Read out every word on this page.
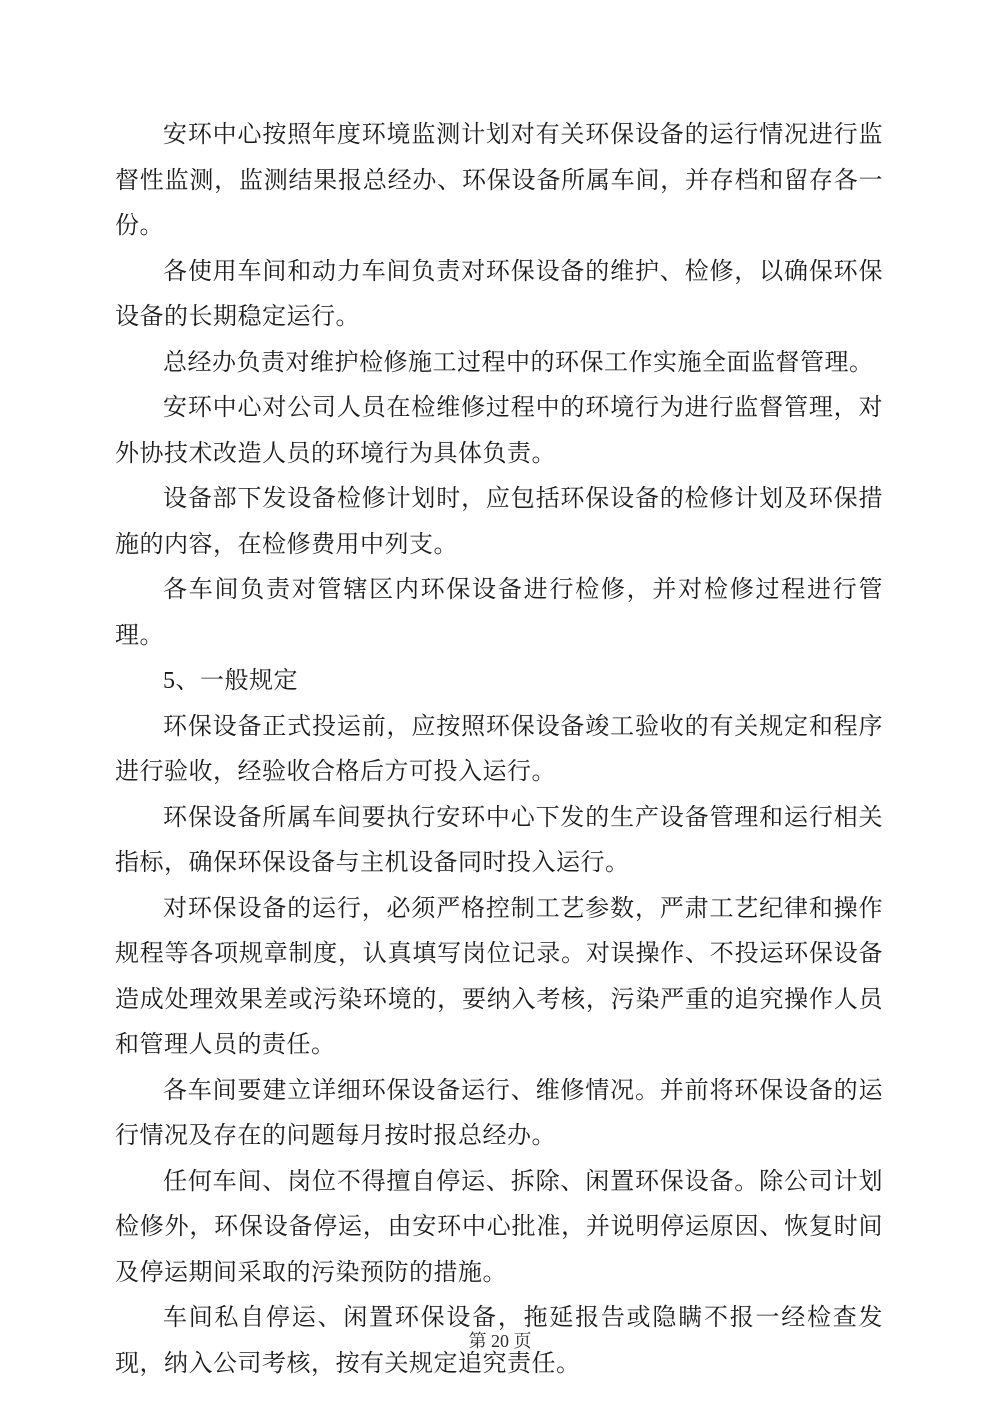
安环中心按照年度环境监测计划对有关环保设备的运行情况进行监督性监测，监测结果报总经办、环保设备所属车间，并存档和留存各一份。

各使用车间和动力车间负责对环保设备的维护、检修，以确保环保设备的长期稳定运行。

总经办负责对维护检修施工过程中的环保工作实施全面监督管理。

安环中心对公司人员在检维修过程中的环境行为进行监督管理，对外协技术改造人员的环境行为具体负责。

设备部下发设备检修计划时，应包括环保设备的检修计划及环保措施的内容，在检修费用中列支。

各车间负责对管辖区内环保设备进行检修，并对检修过程进行管理。

5、一般规定

环保设备正式投运前，应按照环保设备竣工验收的有关规定和程序进行验收，经验收合格后方可投入运行。

环保设备所属车间要执行安环中心下发的生产设备管理和运行相关指标，确保环保设备与主机设备同时投入运行。

对环保设备的运行，必须严格控制工艺参数，严肃工艺纪律和操作规程等各项规章制度，认真填写岗位记录。对误操作、不投运环保设备造成处理效果差或污染环境的，要纳入考核，污染严重的追究操作人员和管理人员的责任。

各车间要建立详细环保设备运行、维修情况。并前将环保设备的运行情况及存在的问题每月按时报总经办。

任何车间、岗位不得擅自停运、拆除、闲置环保设备。除公司计划检修外，环保设备停运，由安环中心批准，并说明停运原因、恢复时间及停运期间采取的污染预防的措施。

车间私自停运、闲置环保设备，拖延报告或隐瞒不报一经检查发现，纳入公司考核，按有关规定追究责任。

第 20 页
